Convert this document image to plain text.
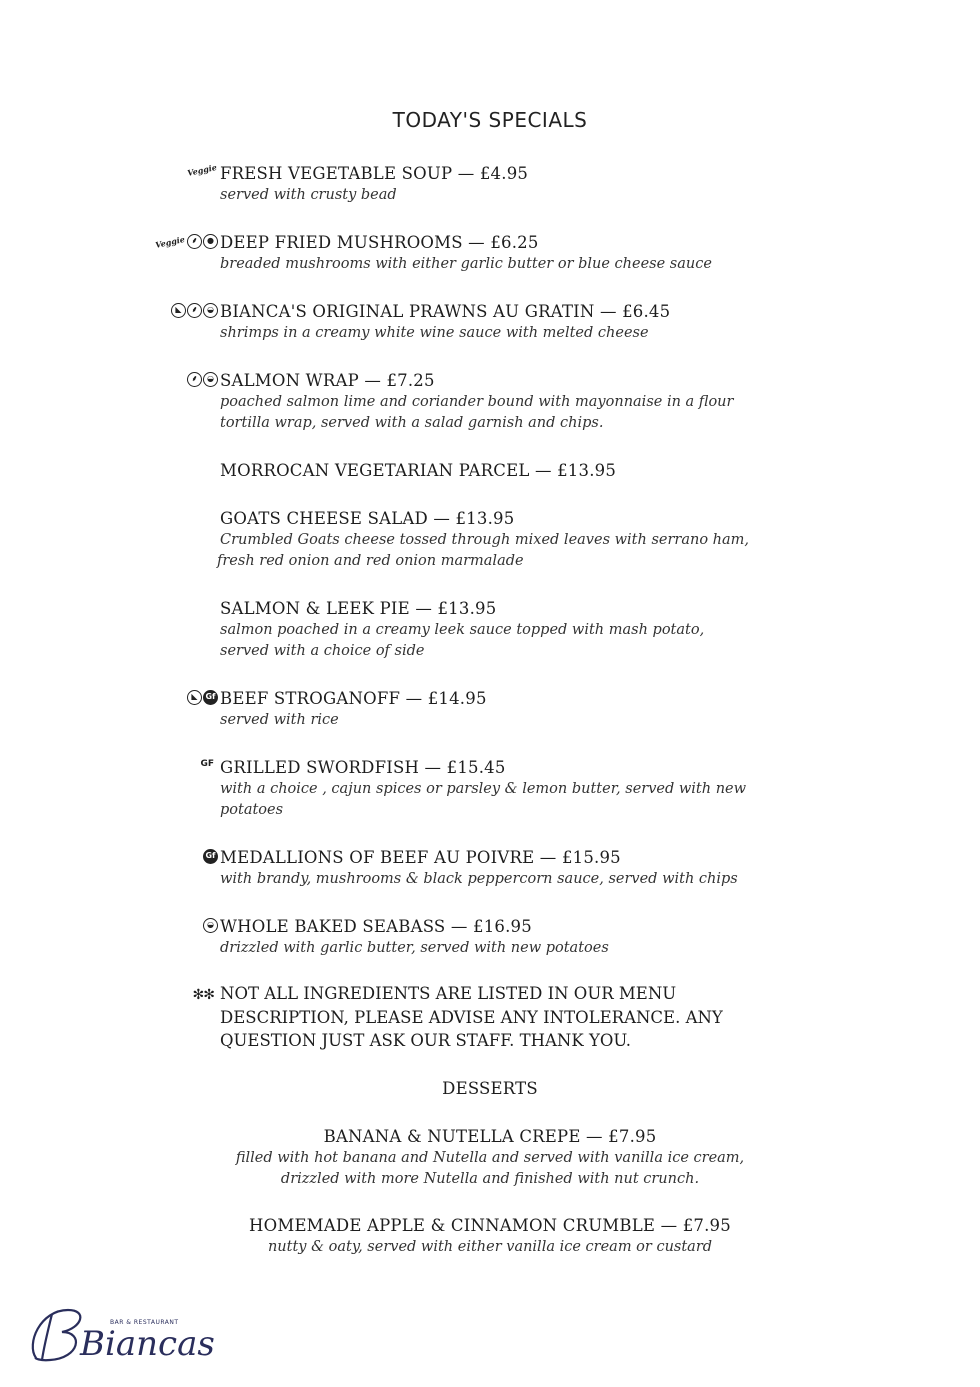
TODAY'S SPECIALS
Veggie FRESH VEGETABLE SOUP — £4.95
served with crusty bead
Veggie ⸙	● DEEP FRIED MUSHROOMS — £6.25
breaded mushrooms with either garlic butter or blue cheese sauce
◣	⸙	◒ BIANCA'S ORIGINAL PRAWNS AU GRATIN — £6.45
shrimps in a creamy white wine sauce with melted cheese
⸙	◒ SALMON WRAP — £7.25
poached salmon lime and coriander bound with mayonnaise in a flour
tortilla wrap, served with a salad garnish and chips.
MORROCAN VEGETARIAN PARCEL — £13.95
GOATS CHEESE SALAD — £13.95
Crumbled Goats cheese tossed through mixed leaves with serrano ham,
fresh red onion and red onion marmalade
SALMON & LEEK PIE — £13.95
salmon poached in a creamy leek sauce topped with mash potato,
served with a choice of side
◣ Gf BEEF STROGANOFF — £14.95
served with rice
GF GRILLED SWORDFISH — £15.45
with a choice , cajun spices or parsley & lemon butter, served with new
potatoes
Gf MEDALLIONS OF BEEF AU POIVRE — £15.95
with brandy, mushrooms & black peppercorn sauce, served with chips
◒ WHOLE BAKED SEABASS — £16.95
drizzled with garlic butter, served with new potatoes
✻✻ NOT ALL INGREDIENTS ARE LISTED IN OUR MENU
DESCRIPTION, PLEASE ADVISE ANY INTOLERANCE. ANY
QUESTION JUST ASK OUR STAFF. THANK YOU.
DESSERTS
BANANA & NUTELLA CREPE — £7.95
filled with hot banana and Nutella and served with vanilla ice cream,
drizzled with more Nutella and finished with nut crunch.
HOMEMADE APPLE & CINNAMON CRUMBLE — £7.95
nutty & oaty, served with either vanilla ice cream or custard
Biancas
BAR & RESTAURANT
